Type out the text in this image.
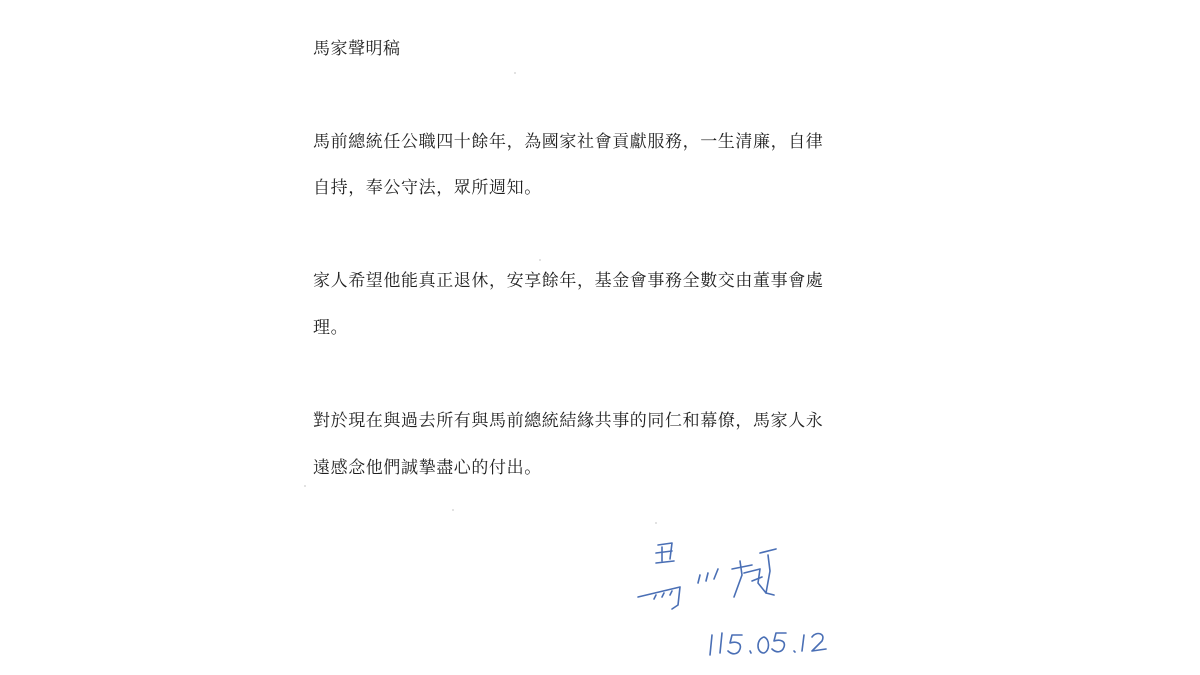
馬家聲明稿
馬前總統任公職四十餘年，為國家社會貢獻服務，一生清廉，自律
自持，奉公守法，眾所週知。
家人希望他能真正退休，安享餘年，基金會事務全數交由董事會處
理。
對於現在與過去所有與馬前總統結緣共事的同仁和幕僚，馬家人永
遠感念他們誠摯盡心的付出。
